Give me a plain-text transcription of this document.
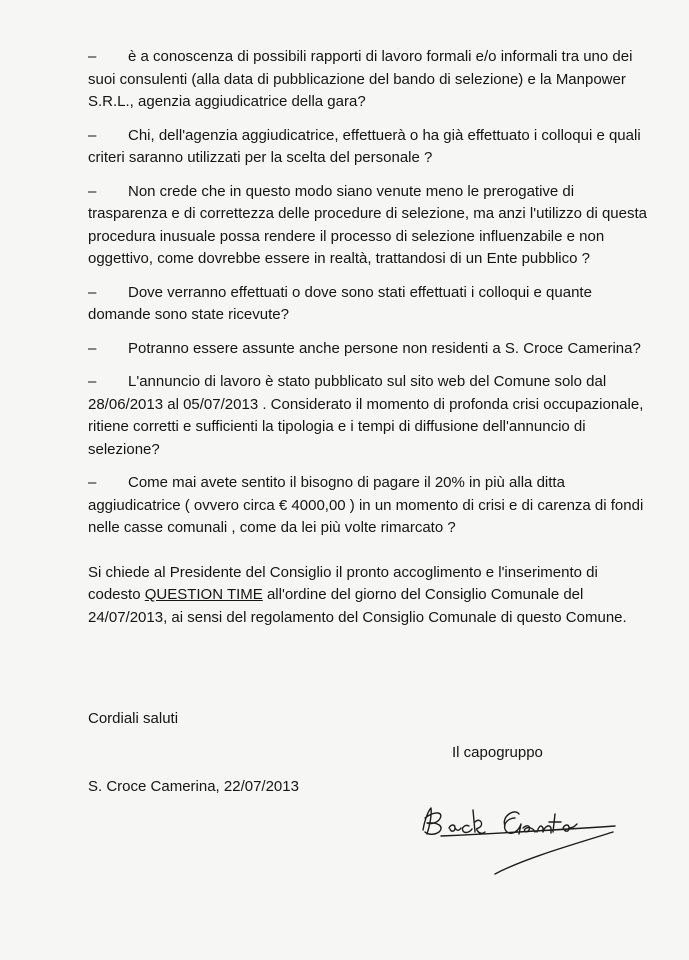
–	è a conoscenza di possibili rapporti di lavoro formali e/o informali tra uno dei suoi consulenti (alla data di pubblicazione del bando di selezione) e la Manpower S.R.L., agenzia aggiudicatrice della gara?
–	Chi, dell'agenzia aggiudicatrice, effettuerà o ha già effettuato i colloqui e quali criteri saranno utilizzati per la scelta del personale ?
–	Non crede che in questo modo siano venute meno le prerogative di trasparenza e di correttezza delle procedure di selezione, ma anzi l'utilizzo di questa procedura inusuale possa rendere il processo di selezione influenzabile e non oggettivo, come dovrebbe essere in realtà, trattandosi di un Ente pubblico ?
–	Dove verranno effettuati o dove sono stati effettuati i colloqui e quante domande sono state ricevute?
–	Potranno essere assunte anche persone non residenti a S. Croce Camerina?
–	L'annuncio di lavoro è stato pubblicato sul sito web del Comune solo dal 28/06/2013 al 05/07/2013 . Considerato il momento di profonda crisi occupazionale, ritiene corretti e sufficienti la tipologia e i tempi di diffusione dell'annuncio di selezione?
–	Come mai avete sentito il bisogno di pagare il 20% in più alla ditta aggiudicatrice ( ovvero circa € 4000,00 ) in un momento di crisi e di carenza di fondi nelle casse comunali , come da lei più volte rimarcato ?

Si chiede al Presidente del Consiglio il pronto accoglimento e l'inserimento di codesto QUESTION TIME all'ordine del giorno del Consiglio Comunale del 24/07/2013, ai sensi del regolamento del Consiglio Comunale di questo Comune.

Cordiali saluti
Il capogruppo
S. Croce Camerina, 22/07/2013
